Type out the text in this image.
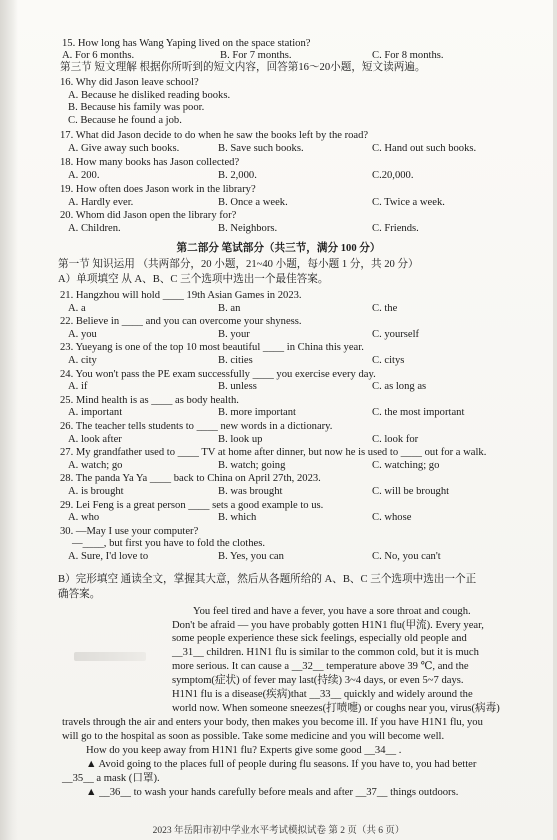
15. How long has Wang Yaping lived on the space station?
A. For 6 months.	B. For 7 months.	C. For 8 months.
第三节 短文理解 根据你所听到的短文内容，回答第16～20小题，短文读两遍。
16. Why did Jason leave school?
A. Because he disliked reading books.
B. Because his family was poor.
C. Because he found a job.
17. What did Jason decide to do when he saw the books left by the road?
A. Give away such books.	B. Save such books.	C. Hand out such books.
18. How many books has Jason collected?
A. 200.	B. 2,000.	C.20,000.
19. How often does Jason work in the library?
A. Hardly ever.	B. Once a week.	C. Twice a week.
20. Whom did Jason open the library for?
A. Children.	B. Neighbors.	C. Friends.
第二部分 笔试部分（共三节，满分 100 分）
第一节 知识运用 （共两部分，20 小题，21~40 小题，每小题 1 分，共 20 分）
A）单项填空 从 A、B、C 三个选项中选出一个最佳答案。
21. Hangzhou will hold ____ 19th Asian Games in 2023.
A. a	B. an	C. the
22. Believe in ____ and you can overcome your shyness.
A. you	B. your	C. yourself
23. Yueyang is one of the top 10 most beautiful ____ in China this year.
A. city	B. cities	C. citys
24. You won't pass the PE exam successfully ____ you exercise every day.
A. if	B. unless	C. as long as
25. Mind health is as ____ as body health.
A. important	B. more important	C. the most important
26. The teacher tells students to ____ new words in a dictionary.
A. look after	B. look up	C. look for
27. My grandfather used to ____ TV at home after dinner, but now he is used to ____ out for a walk.
A. watch; go	B. watch; going	C. watching; go
28. The panda Ya Ya ____ back to China on April 27th, 2023.
A. is brought	B. was brought	C. will be brought
29. Lei Feng is a great person ____ sets a good example to us.
A. who	B. which	C. whose
30. —May I use your computer?
—____, but first you have to fold the clothes.
A. Sure, I'd love to	B. Yes, you can	C. No, you can't
B）完形填空 通读全文，掌握其大意，然后从各题所给的 A、B、C 三个选项中选出一个正
确答案。
You feel tired and have a fever, you have a sore throat and cough.
Don't be afraid — you have probably gotten H1N1 flu(甲流). Every year,
some people experience these sick feelings, especially old people and
__31__ children. H1N1 flu is similar to the common cold, but it is much
more serious. It can cause a __32__ temperature above 39 ℃, and the
symptom(症状) of fever may last(持续) 3~4 days, or even 5~7 days.
H1N1 flu is a disease(疾病)that __33__ quickly and widely around the
world now. When someone sneezes(打喷嚏) or coughs near you, virus(病毒)
travels through the air and enters your body, then makes you become ill. If you have H1N1 flu, you
will go to the hospital as soon as possible. Take some medicine and you will become well.
How do you keep away from H1N1 flu? Experts give some good __34__ .
▲ Avoid going to the places full of people during flu seasons. If you have to, you had better
__35__ a mask (口罩).
▲ __36__ to wash your hands carefully before meals and after __37__ things outdoors.
2023 年岳阳市初中学业水平考试模拟试卷 第 2 页（共 6 页）
